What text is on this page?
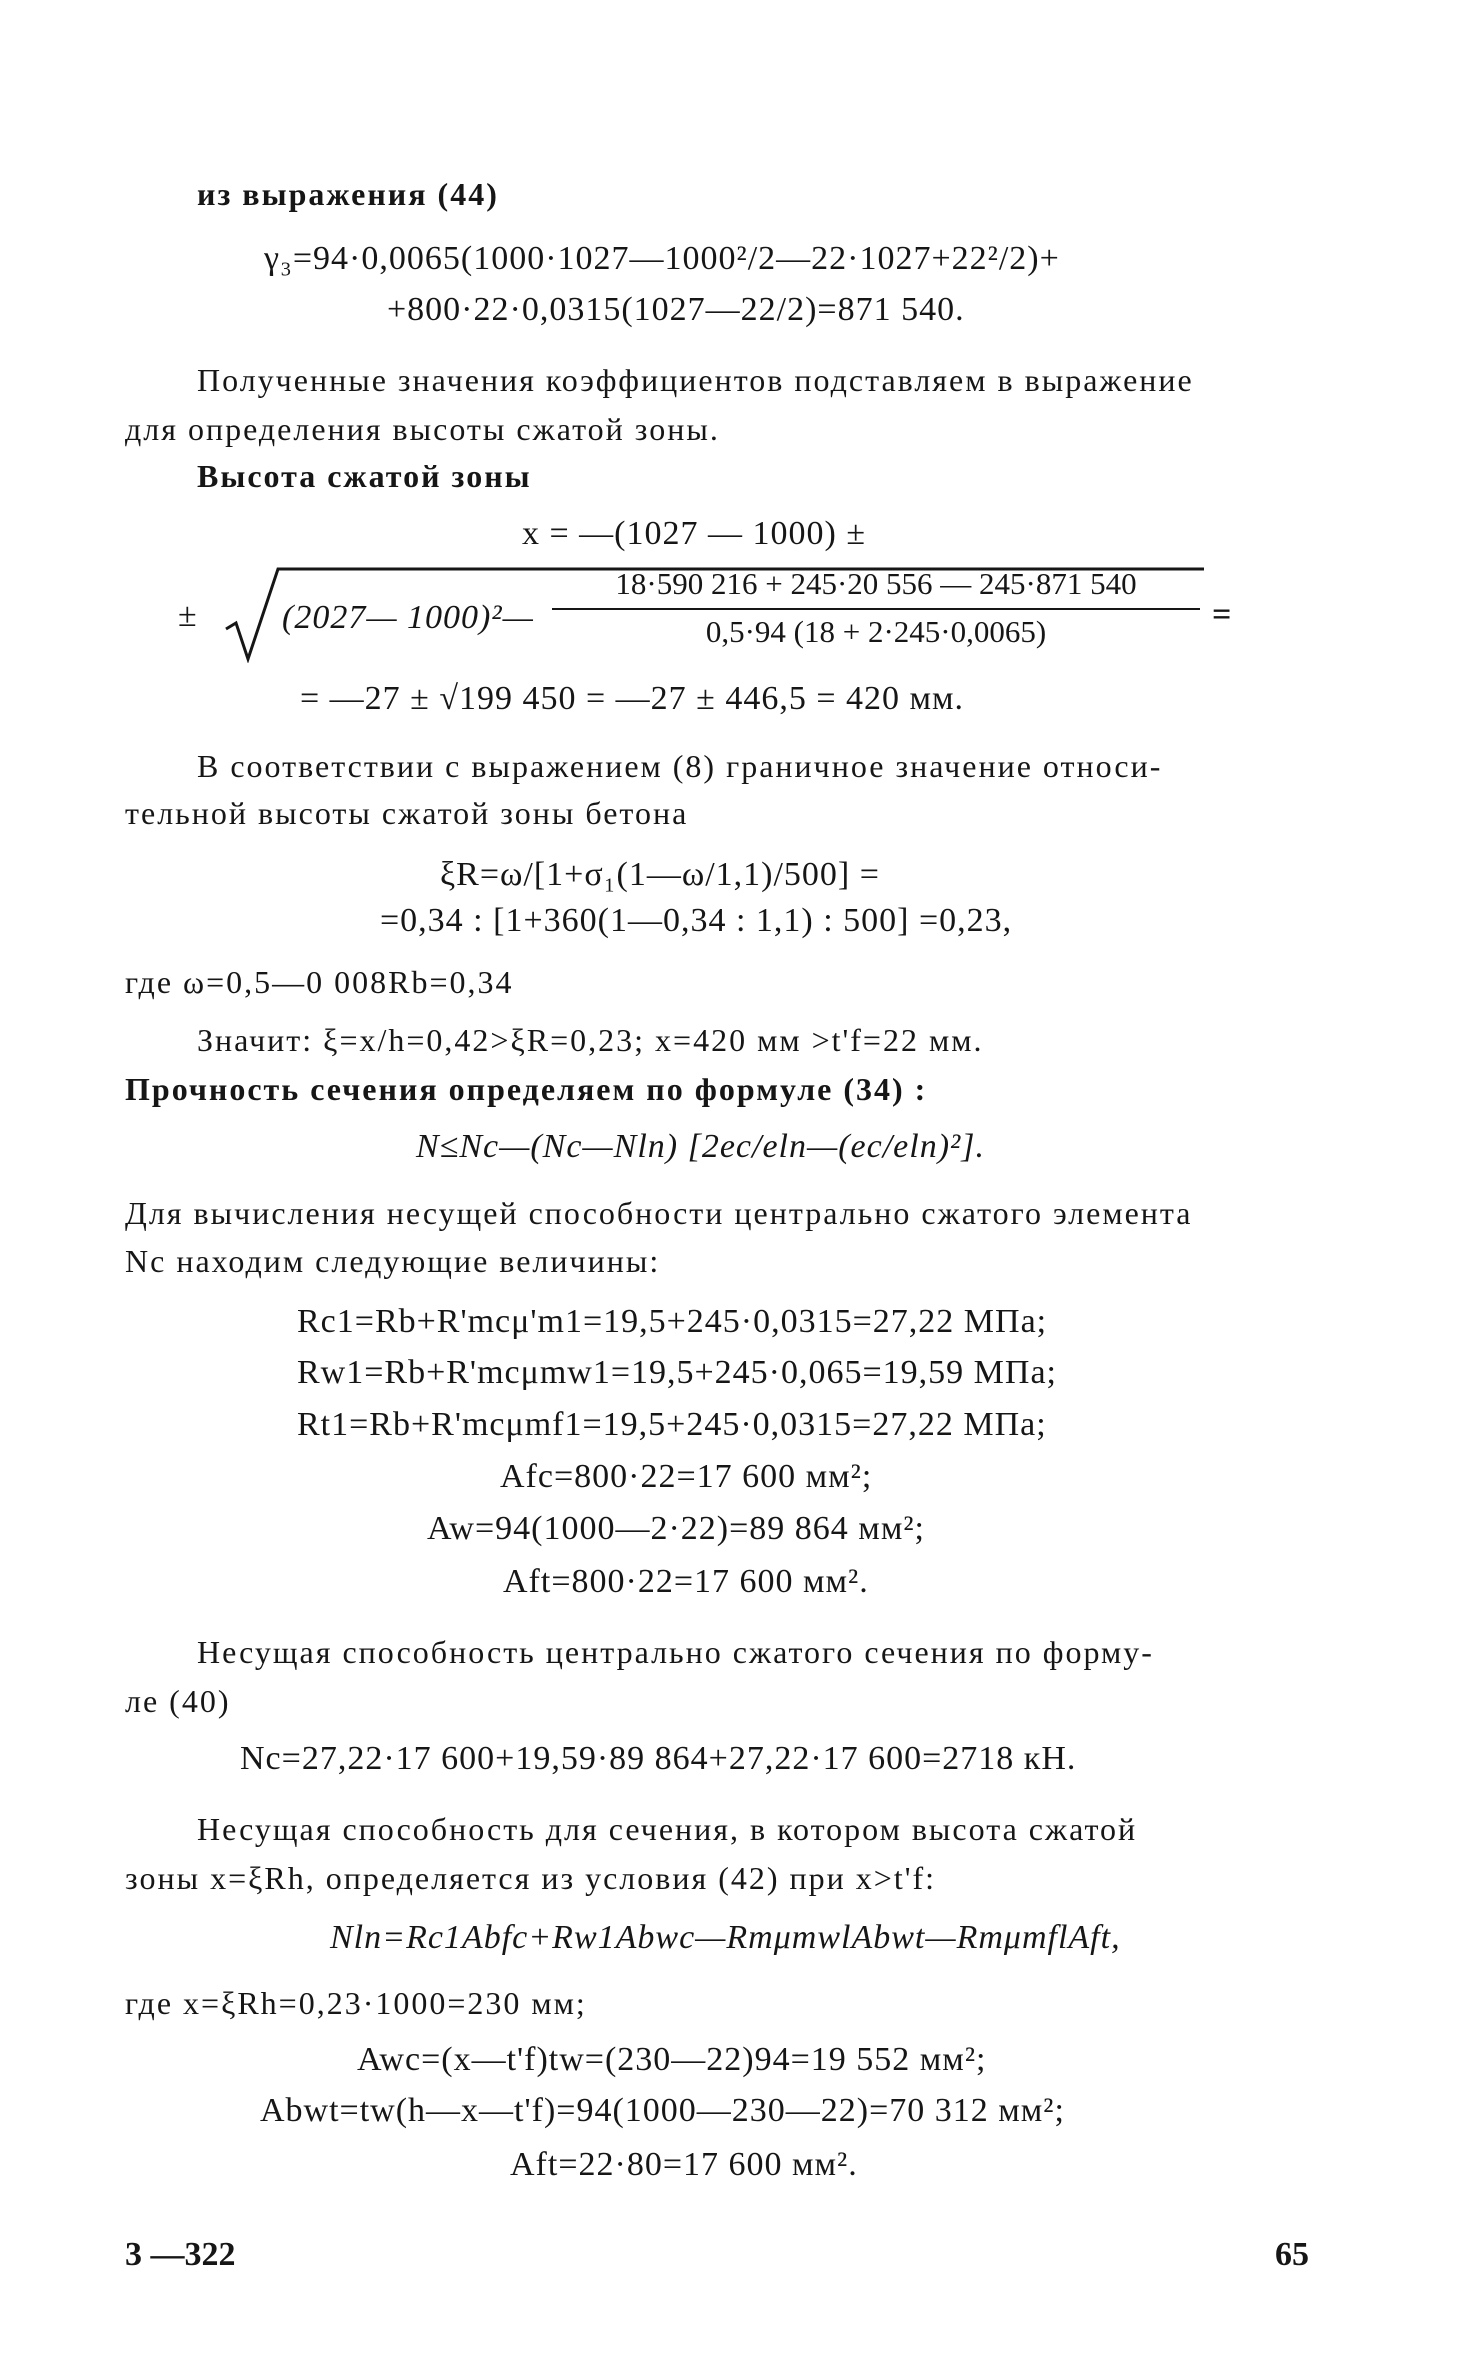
из выражения (44)
γ₃=94·0,0065(1000·1027—1000²/2—22·1027+22²/2)+
+800·22·0,0315(1027—22/2)=871 540.
Полученные значения коэффициентов подставляем в выражение
для определения высоты сжатой зоны.
Высота сжатой зоны
x = —(1027 — 1000) ±
± (2027— 1000)²—
18·590 216 + 245·20 556 — 245·871 540
0,5·94 (18 + 2·245·0,0065)	=
= —27 ± √199 450 = —27 ± 446,5 = 420 мм.
В соответствии с выражением (8) граничное значение относи-
тельной высоты сжатой зоны бетона
ξR=ω/[1+σ₁(1—ω/1,1)/500] =
=0,34 : [1+360(1—0,34 : 1,1) : 500] =0,23,
где ω=0,5—0 008Rb=0,34
Значит: ξ=x/h=0,42>ξR=0,23; x=420 мм >t'f=22 мм.
Прочность сечения определяем по формуле (34) :
N≤Nc—(Nc—Nln) [2ec/eln—(ec/eln)²].
Для вычисления несущей способности центрально сжатого элемента
Nc находим следующие величины:
Rc1=Rb+R'mcμ'm1=19,5+245·0,0315=27,22 МПа;
Rw1=Rb+R'mcμmw1=19,5+245·0,065=19,59 МПа;
Rt1=Rb+R'mcμmf1=19,5+245·0,0315=27,22 МПа;
Afc=800·22=17 600 мм²;
Aw=94(1000—2·22)=89 864 мм²;
Aft=800·22=17 600 мм².
Несущая способность центрально сжатого сечения по форму-
ле (40)
Nc=27,22·17 600+19,59·89 864+27,22·17 600=2718 кН.
Несущая способность для сечения, в котором высота сжатой
зоны x=ξRh, определяется из условия (42) при x>t'f:
Nln=Rc1Abfc+Rw1Abwc—RmμmwlAbwt—RmμmflAft,
где x=ξRh=0,23·1000=230 мм;
Awc=(x—t'f)tw=(230—22)94=19 552 мм²;
Abwt=tw(h—x—t'f)=94(1000—230—22)=70 312 мм²;
Aft=22·80=17 600 мм².
3 —322	65
